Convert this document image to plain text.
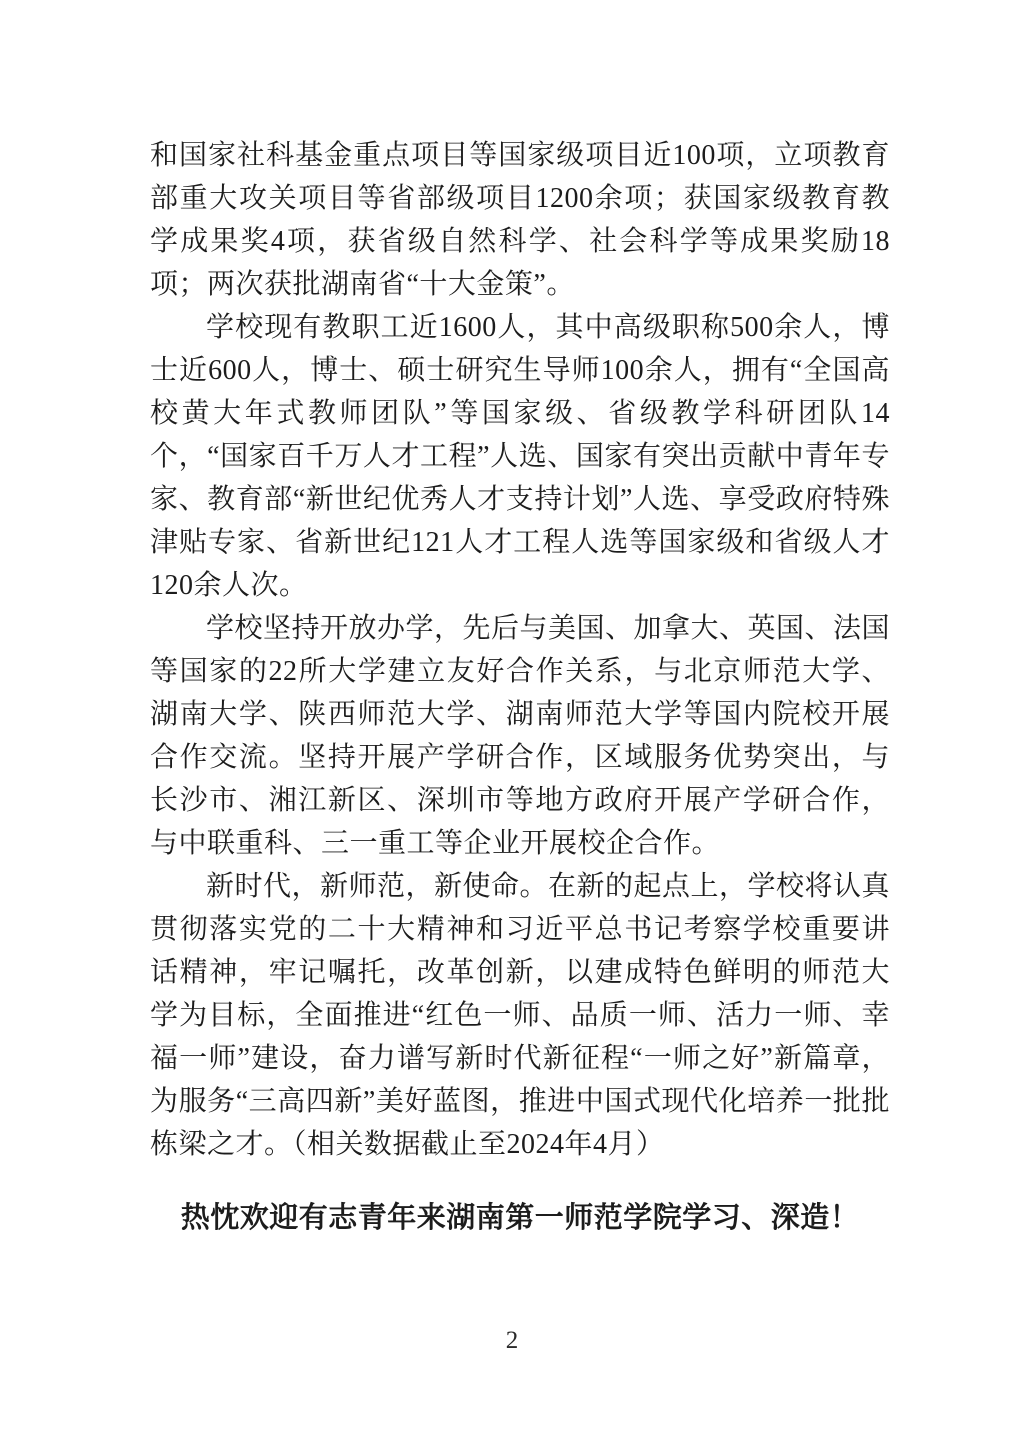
和国家社科基金重点项目等国家级项目近100项，立项教育部重大攻关项目等省部级项目1200余项；获国家级教育教学成果奖4项，获省级自然科学、社会科学等成果奖励18项；两次获批湖南省“十大金策”。

学校现有教职工近1600人，其中高级职称500余人，博士近600人，博士、硕士研究生导师100余人，拥有“全国高校黄大年式教师团队”等国家级、省级教学科研团队14个，“国家百千万人才工程”人选、国家有突出贡献中青年专家、教育部“新世纪优秀人才支持计划”人选、享受政府特殊津贴专家、省新世纪121人才工程人选等国家级和省级人才120余人次。

学校坚持开放办学，先后与美国、加拿大、英国、法国等国家的22所大学建立友好合作关系，与北京师范大学、湖南大学、陕西师范大学、湖南师范大学等国内院校开展合作交流。坚持开展产学研合作，区域服务优势突出，与长沙市、湘江新区、深圳市等地方政府开展产学研合作，与中联重科、三一重工等企业开展校企合作。

新时代，新师范，新使命。在新的起点上，学校将认真贯彻落实党的二十大精神和习近平总书记考察学校重要讲话精神，牢记嘱托，改革创新，以建成特色鲜明的师范大学为目标，全面推进“红色一师、品质一师、活力一师、幸福一师”建设，奋力谱写新时代新征程“一师之好”新篇章，为服务“三高四新”美好蓝图，推进中国式现代化培养一批批栋梁之才。（相关数据截止至2024年4月）

热忱欢迎有志青年来湖南第一师范学院学习、深造！

2
